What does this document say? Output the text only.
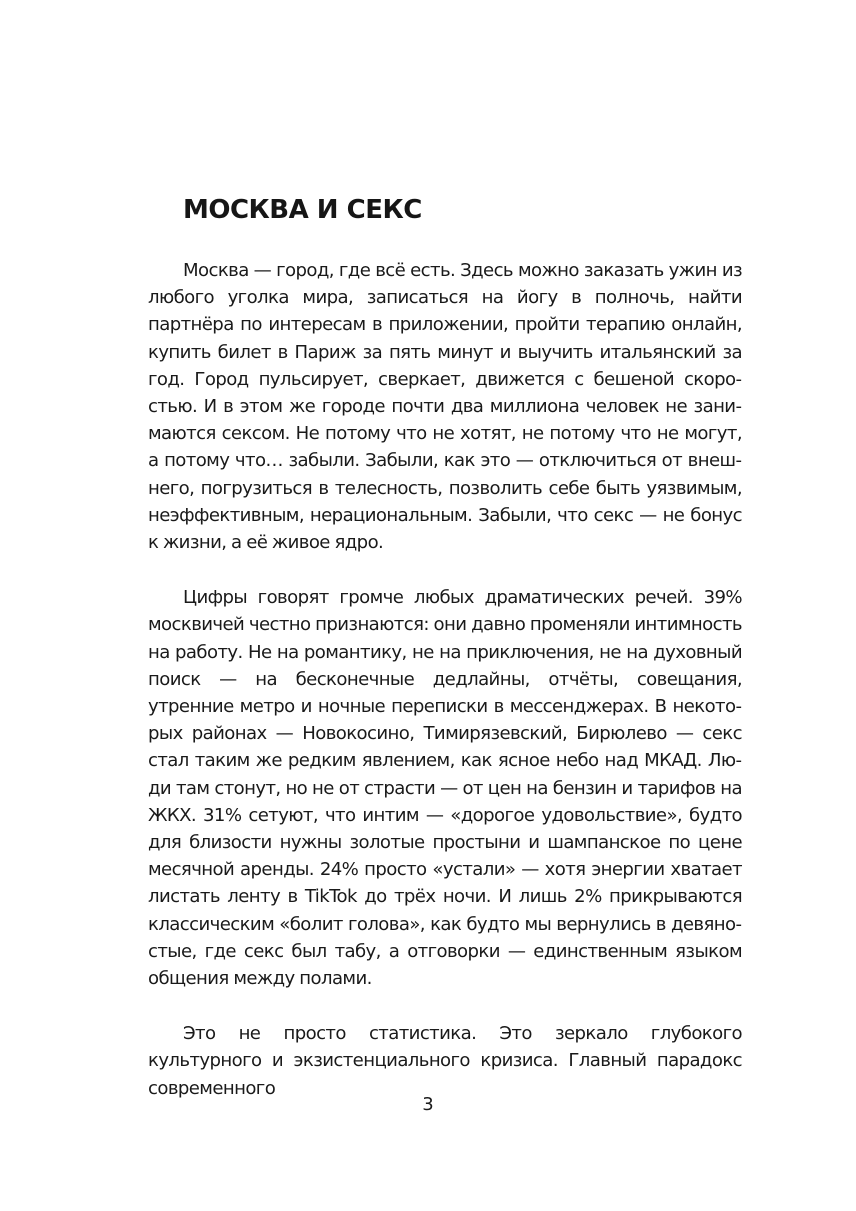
МОСКВА И СЕКС

Москва — город, где всё есть. Здесь можно заказать ужин из любого уголка мира, записаться на йогу в полночь, найти партнёра по интересам в приложении, пройти терапию онлайн, купить билет в Париж за пять минут и выучить итальянский за год. Город пульсирует, сверкает, движется с бешеной скоростью. И в этом же городе почти два миллиона человек не занимаются сексом. Не потому что не хотят, не потому что не могут, а потому что… забыли. Забыли, как это — отключиться от внешнего, погрузиться в телесность, позволить себе быть уязвимым, неэффективным, нерациональным. Забыли, что секс — не бонус к жизни, а её живое ядро.

Цифры говорят громче любых драматических речей. 39% москвичей честно признаются: они давно променяли интимность на работу. Не на романтику, не на приключения, не на духовный поиск — на бесконечные дедлайны, отчёты, совещания, утренние метро и ночные переписки в мессенджерах. В некоторых районах — Новокосино, Тимирязевский, Бирюлево — секс стал таким же редким явлением, как ясное небо над МКАД. Люди там стонут, но не от страсти — от цен на бензин и тарифов на ЖКХ. 31% сетуют, что интим — «дорогое удовольствие», будто для близости нужны золотые простыни и шампанское по цене месячной аренды. 24% просто «устали» — хотя энергии хватает листать ленту в TikTok до трёх ночи. И лишь 2% прикрываются классическим «болит голова», как будто мы вернулись в девяностые, где секс был табу, а отговорки — единственным языком общения между полами.

Это не просто статистика. Это зеркало глубокого культурного и экзистенциального кризиса. Главный парадокс современного

3
